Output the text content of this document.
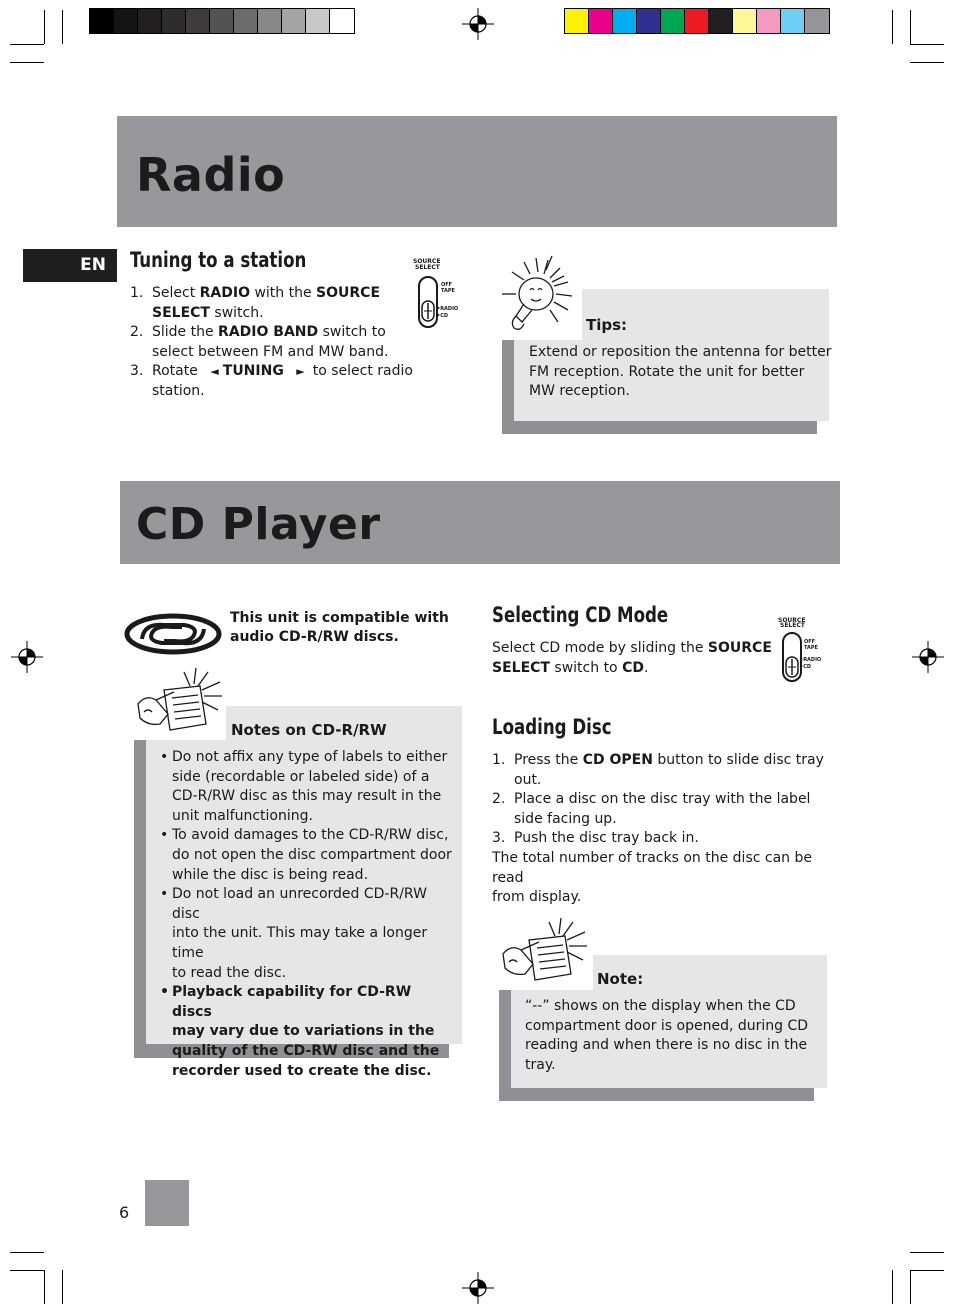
Radio
EN Tuning to a station
1. Select RADIO with the SOURCE
SELECT switch.
2. Slide the RADIO BAND switch to
select between FM and MW band.
3. Rotate ◄ TUNING ► to select radio station.
SOURCE
SELECT
OFF
TAPE
•RADIO
•CD	Tips:
Extend or reposition the antenna for better
FM reception. Rotate the unit for better
MW reception.
CD Player
This unit is compatible with
audio CD-R/RW discs.
Notes on CD-R/RW
• Do not affix any type of labels to either
side (recordable or labeled side) of a
CD-R/RW disc as this may result in the
unit malfunctioning.
• To avoid damages to the CD-R/RW disc,
do not open the disc compartment door
while the disc is being read.
• Do not load an unrecorded CD-R/RW disc
into the unit. This may take a longer time
to read the disc.
• Playback capability for CD-RW discs
may vary due to variations in the
quality of the CD-RW disc and the
recorder used to create the disc.
Selecting CD Mode
Select CD mode by sliding the SOURCE
SELECT switch to CD.
SOURCE
SELECT
OFF
TAPE
•RADIO
•CD
Loading Disc
1. Press the CD OPEN button to slide disc tray
out.
2. Place a disc on the disc tray with the label
side facing up.
3. Push the disc tray back in.
The total number of tracks on the disc can be read
from display.
Note:
“--” shows on the display when the CD
compartment door is opened, during CD
reading and when there is no disc in the
tray.
6
